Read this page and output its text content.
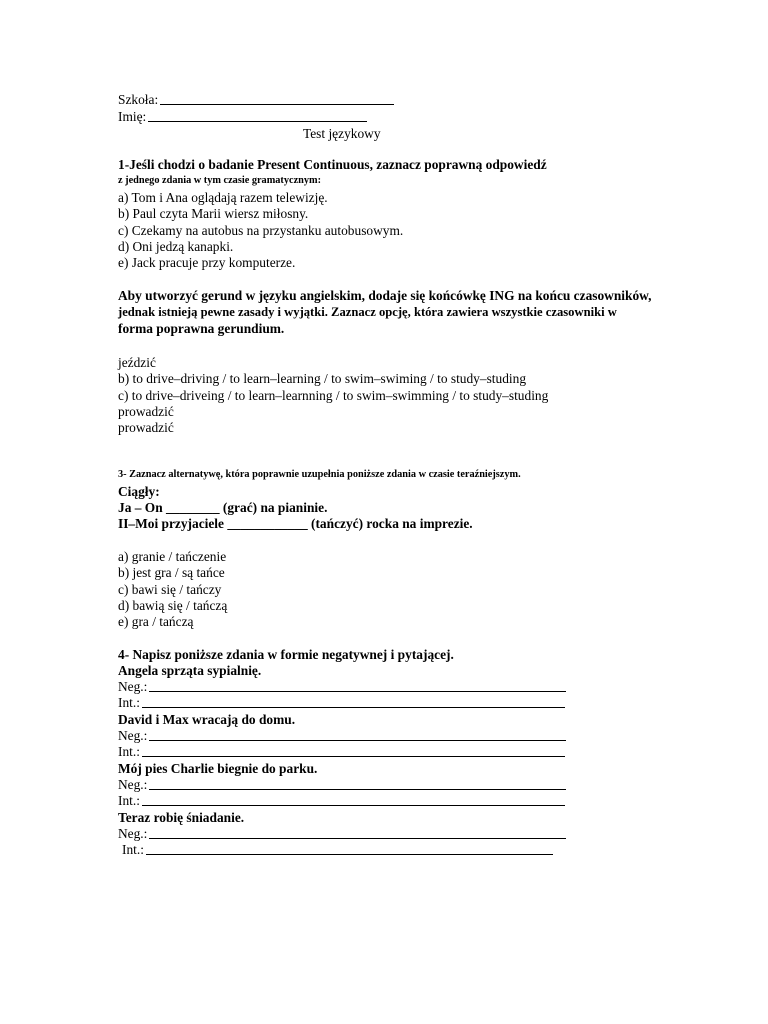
Szkoła:
Imię:
Test językowy
1-Jeśli chodzi o badanie Present Continuous, zaznacz poprawną odpowiedź
z jednego zdania w tym czasie gramatycznym:
a) Tom i Ana oglądają razem telewizję.
b) Paul czyta Marii wiersz miłosny.
c) Czekamy na autobus na przystanku autobusowym.
d) Oni jedzą kanapki.
e) Jack pracuje przy komputerze.
Aby utworzyć gerund w języku angielskim, dodaje się końcówkę ING na końcu czasowników,
jednak istnieją pewne zasady i wyjątki. Zaznacz opcję, która zawiera wszystkie czasowniki w
forma poprawna gerundium.
jeździć
b) to drive–driving / to learn–learning / to swim–swiming / to study–studing
c) to drive–driveing / to learn–learnning / to swim–swimming / to study–studing
prowadzić
prowadzić
3- Zaznacz alternatywę, która poprawnie uzupełnia poniższe zdania w czasie teraźniejszym.
Ciągły:
Ja – On ________ (grać) na pianinie.
II–Moi przyjaciele ____________ (tańczyć) rocka na imprezie.
a) granie / tańczenie
b) jest gra / są tańce
c) bawi się / tańczy
d) bawią się / tańczą
e) gra / tańczą
4- Napisz poniższe zdania w formie negatywnej i pytającej.
Angela sprząta sypialnię.
Neg.:
Int.:
David i Max wracają do domu.
Neg.:
Int.:
Mój pies Charlie biegnie do parku.
Neg.:
Int.:
Teraz robię śniadanie.
Neg.:
Int.:
